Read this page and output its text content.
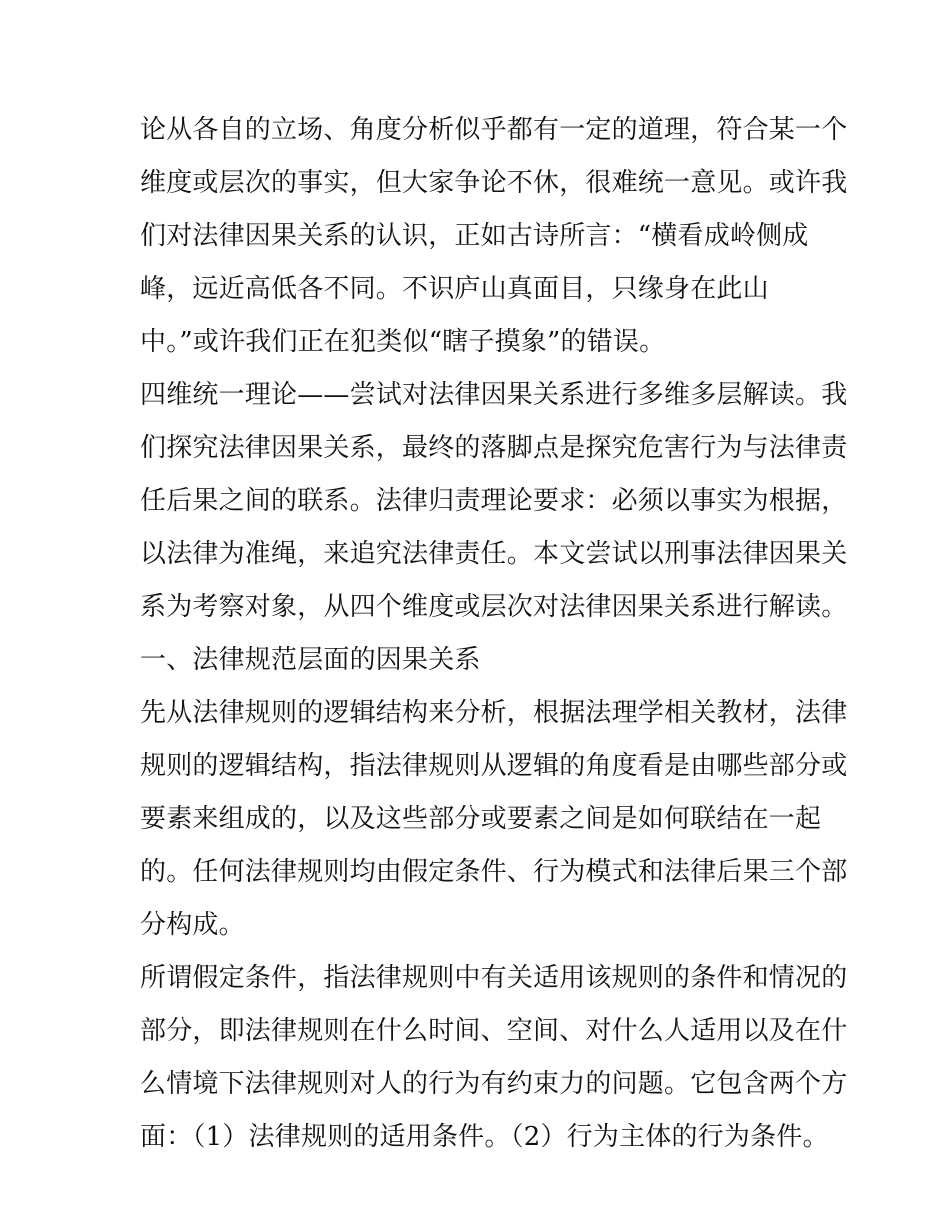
论从各自的立场、角度分析似乎都有一定的道理，符合某一个
维度或层次的事实，但大家争论不休，很难统一意见。或许我
们对法律因果关系的认识，正如古诗所言：“横看成岭侧成
峰，远近高低各不同。不识庐山真面目，只缘身在此山
中。”或许我们正在犯类似“瞎子摸象”的错误。
四维统一理论——尝试对法律因果关系进行多维多层解读。我
们探究法律因果关系，最终的落脚点是探究危害行为与法律责
任后果之间的联系。法律归责理论要求：必须以事实为根据，
以法律为准绳，来追究法律责任。本文尝试以刑事法律因果关
系为考察对象，从四个维度或层次对法律因果关系进行解读。
一、法律规范层面的因果关系
先从法律规则的逻辑结构来分析，根据法理学相关教材，法律
规则的逻辑结构，指法律规则从逻辑的角度看是由哪些部分或
要素来组成的，以及这些部分或要素之间是如何联结在一起
的。任何法律规则均由假定条件、行为模式和法律后果三个部
分构成。
所谓假定条件，指法律规则中有关适用该规则的条件和情况的
部分，即法律规则在什么时间、空间、对什么人适用以及在什
么情境下法律规则对人的行为有约束力的问题。它包含两个方
面：（1）法律规则的适用条件。（2）行为主体的行为条件。
